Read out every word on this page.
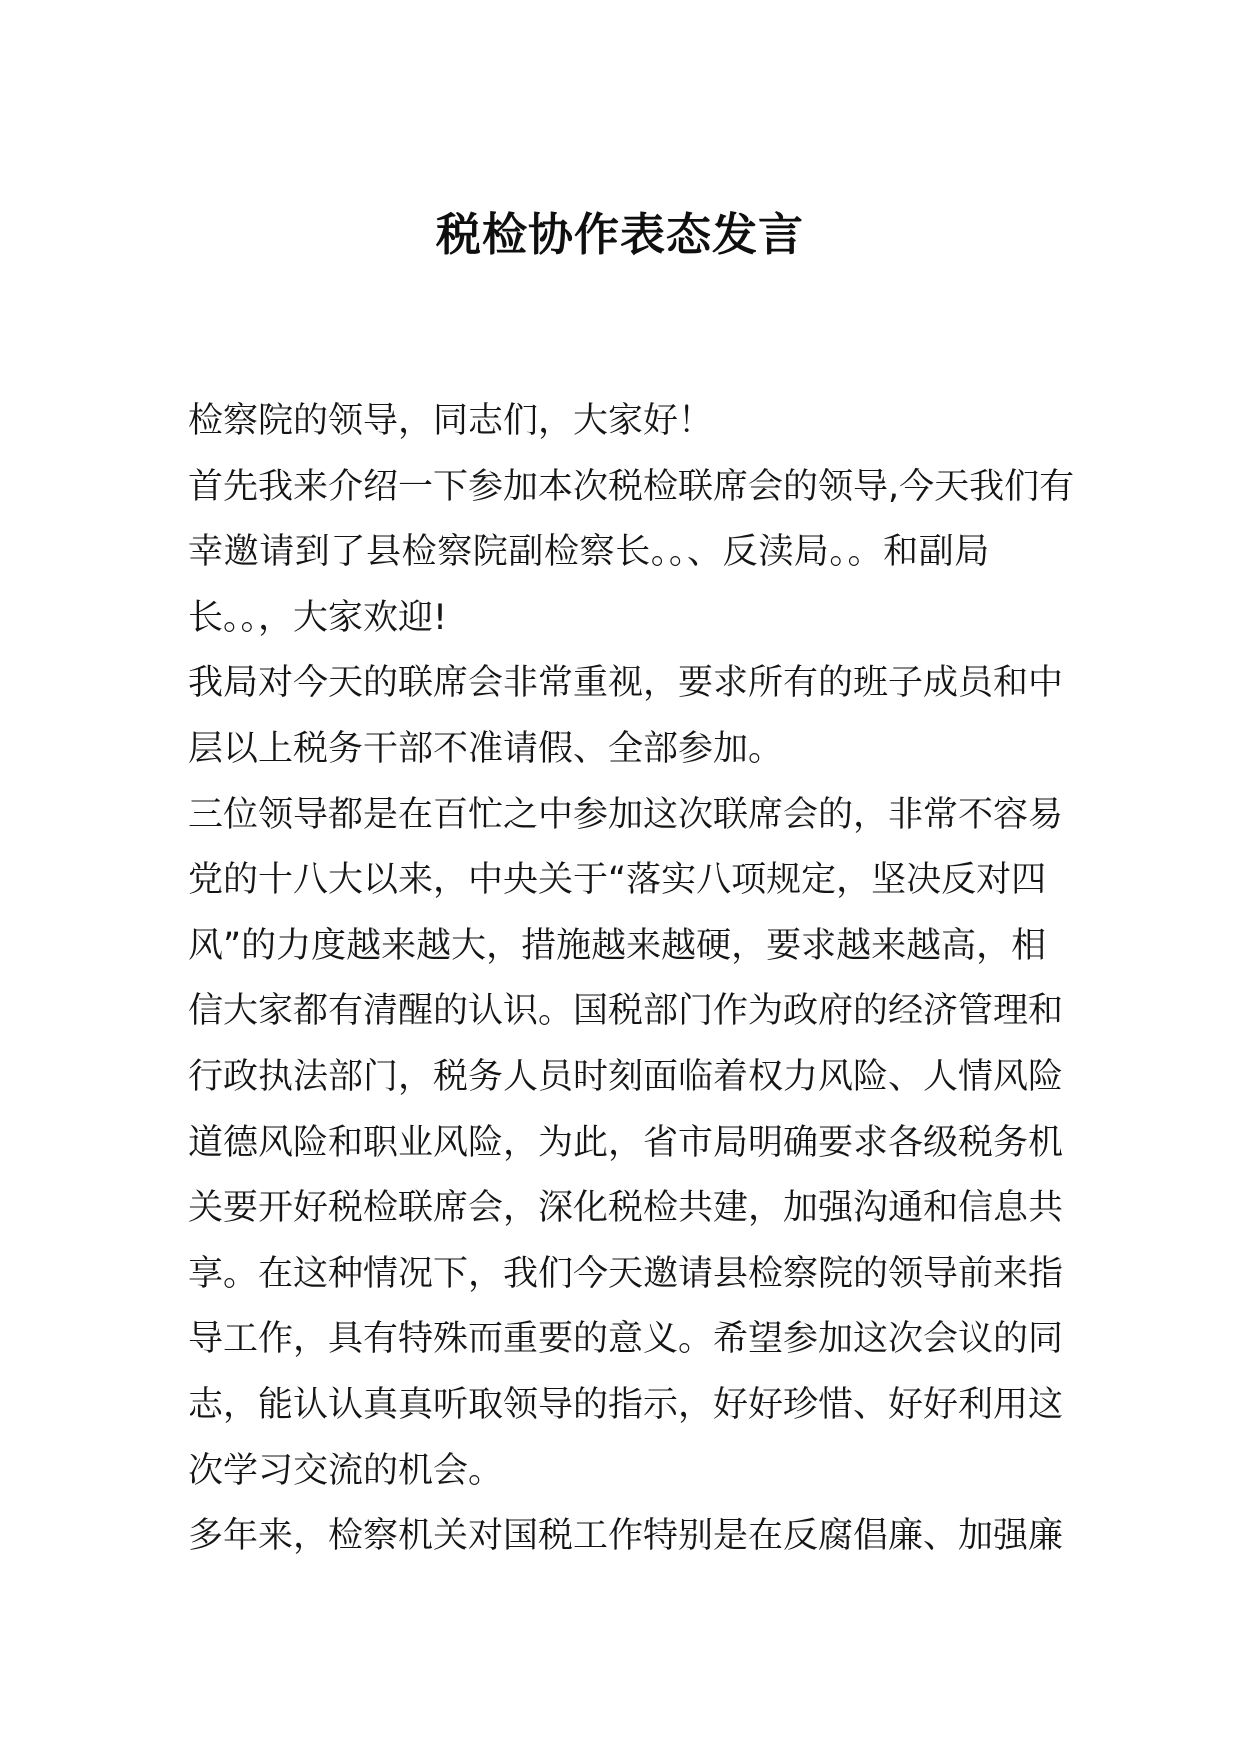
税检协作表态发言
检察院的领导，同志们，大家好！
首先我来介绍一下参加本次税检联席会的领导,今天我们有
幸邀请到了县检察院副检察长。。、反渎局。。和副局
长。。，大家欢迎!
我局对今天的联席会非常重视，要求所有的班子成员和中
层以上税务干部不准请假、全部参加。
三位领导都是在百忙之中参加这次联席会的，非常不容易
党的十八大以来，中央关于“落实八项规定，坚决反对四
风”的力度越来越大，措施越来越硬，要求越来越高，相
信大家都有清醒的认识。国税部门作为政府的经济管理和
行政执法部门，税务人员时刻面临着权力风险、人情风险
道德风险和职业风险，为此，省市局明确要求各级税务机
关要开好税检联席会，深化税检共建，加强沟通和信息共
享。在这种情况下，我们今天邀请县检察院的领导前来指
导工作，具有特殊而重要的意义。希望参加这次会议的同
志，能认认真真听取领导的指示，好好珍惜、好好利用这
次学习交流的机会。
多年来，检察机关对国税工作特别是在反腐倡廉、加强廉
